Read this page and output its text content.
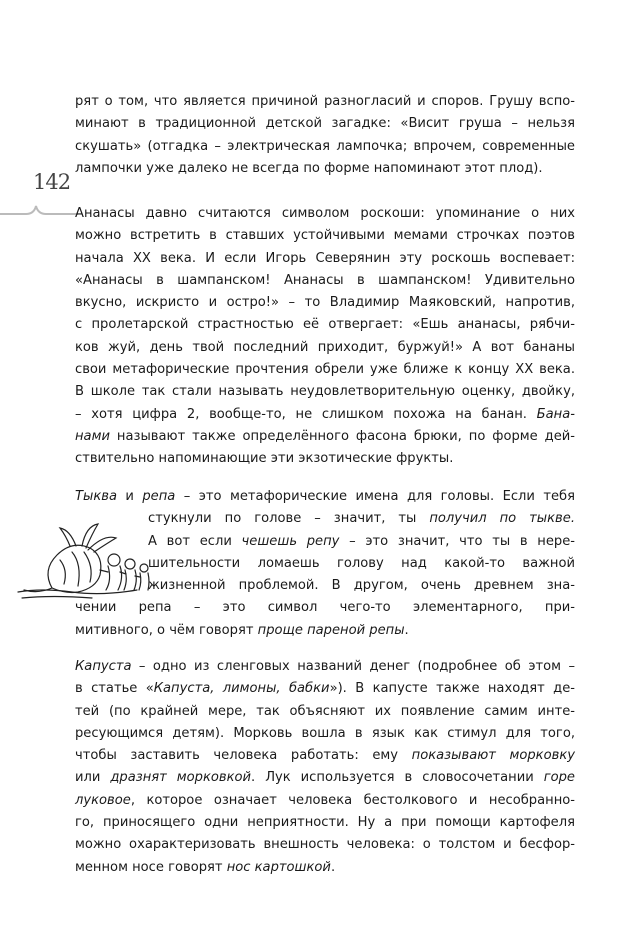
142
рят о том, что является причиной разногласий и споров. Грушу вспо-
минают в традиционной детской загадке: «Висит груша – нельзя
скушать» (отгадка – электрическая лампочка; впрочем, современные
лампочки уже далеко не всегда по форме напоминают этот плод).
Ананасы давно считаются символом роскоши: упоминание о них
можно встретить в ставших устойчивыми мемами строчках поэтов
начала XX века. И если Игорь Северянин эту роскошь воспевает:
«Ананасы в шампанском! Ананасы в шампанском! Удивительно
вкусно, искристо и остро!» – то Владимир Маяковский, напротив,
с пролетарской страстностью её отвергает: «Ешь ананасы, рябчи-
ков жуй, день твой последний приходит, буржуй!» А вот бананы
свои метафорические прочтения обрели уже ближе к концу XX века.
В школе так стали называть неудовлетворительную оценку, двойку,
– хотя цифра 2, вообще-то, не слишком похожа на банан. Бана-
нами называют также определённого фасона брюки, по форме дей-
ствительно напоминающие эти экзотические фрукты.
Тыква и репа – это метафорические имена для головы. Если тебя
стукнули по голове – значит, ты получил по тыкве.
А вот если чешешь репу – это значит, что ты в нере-
шительности ломаешь голову над какой-то важной
жизненной проблемой. В другом, очень древнем зна-
чении репа – это символ чего-то элементарного, при-
митивного, о чём говорят проще пареной репы.
Капуста – одно из сленговых названий денег (подробнее об этом –
в статье «Капуста, лимоны, бабки»). В капусте также находят де-
тей (по крайней мере, так объясняют их появление самим инте-
ресующимся детям). Морковь вошла в язык как стимул для того,
чтобы заставить человека работать: ему показывают морковку
или дразнят морковкой. Лук используется в словосочетании горе
луковое, которое означает человека бестолкового и несобранно-
го, приносящего одни неприятности. Ну а при помощи картофеля
можно охарактеризовать внешность человека: о толстом и бесфор-
менном носе говорят нос картошкой.
